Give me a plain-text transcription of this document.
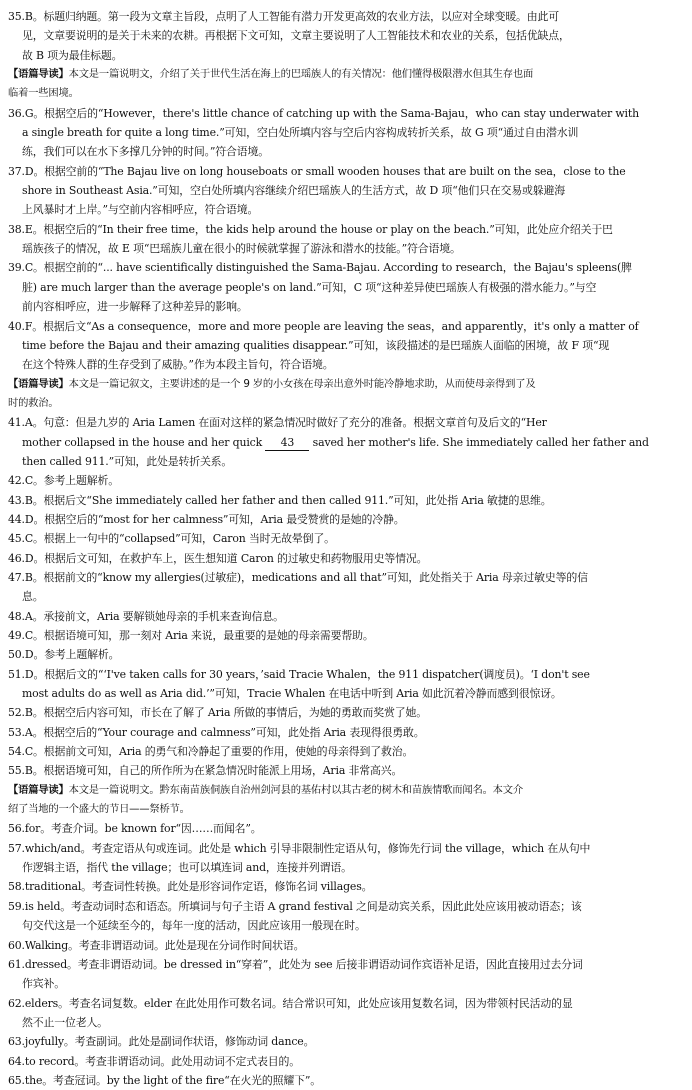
35.B。标题归纳题。第一段为文章主旨段，点明了人工智能有潜力开发更高效的农业方法，以应对全球变暖。由此可
见，文章要说明的是关于未来的农耕。再根据下文可知，文章主要说明了人工智能技术和农业的关系，包括优缺点，
故 B 项为最佳标题。
【语篇导读】本文是一篇说明文，介绍了关于世代生活在海上的巴瑶族人的有关情况：他们懂得极限潜水但其生存也面
临着一些困境。
36.G。根据空后的“However，there's little chance of catching up with the Sama-Bajau，who can stay underwater with
a single breath for quite a long time.”可知，空白处所填内容与空后内容构成转折关系，故 G 项“通过自由潜水训
练，我们可以在水下多撑几分钟的时间。”符合语境。
37.D。根据空前的“The Bajau live on long houseboats or small wooden houses that are built on the sea，close to the
shore in Southeast Asia.”可知，空白处所填内容继续介绍巴瑶族人的生活方式，故 D 项“他们只在交易或躲避海
上风暴时才上岸。”与空前内容相呼应，符合语境。
38.E。根据空后的“In their free time，the kids help around the house or play on the beach.”可知，此处应介绍关于巴
瑶族孩子的情况，故 E 项“巴瑶族儿童在很小的时候就掌握了游泳和潜水的技能。”符合语境。
39.C。根据空前的“... have scientifically distinguished the Sama-Bajau. According to research，the Bajau's spleens(脾
脏) are much larger than the average people's on land.”可知，C 项“这种差异使巴瑶族人有极强的潜水能力。”与空
前内容相呼应，进一步解释了这种差异的影响。
40.F。根据后文“As a consequence，more and more people are leaving the seas，and apparently，it's only a matter of
time before the Bajau and their amazing qualities disappear.”可知，该段描述的是巴瑶族人面临的困境，故 F 项“现
在这个特殊人群的生存受到了威胁。”作为本段主旨句，符合语境。
【语篇导读】本文是一篇记叙文，主要讲述的是一个 9 岁的小女孩在母亲出意外时能冷静地求助，从而使母亲得到了及
时的救治。
41.A。句意：但是九岁的 Aria Lamen 在面对这样的紧急情况时做好了充分的准备。根据文章首句及后文的“Her
mother collapsed in the house and her quick 43 saved her mother's life. She immediately called her father and
then called 911.”可知，此处是转折关系。
42.C。参考上题解析。
43.B。根据后文“She immediately called her father and then called 911.”可知，此处指 Aria 敏捷的思维。
44.D。根据空后的“most for her calmness”可知，Aria 最受赞赏的是她的冷静。
45.C。根据上一句中的“collapsed”可知，Caron 当时无故晕倒了。
46.D。根据后文可知，在救护车上，医生想知道 Caron 的过敏史和药物服用史等情况。
47.B。根据前文的“know my allergies(过敏症)，medications and all that”可知，此处指关于 Aria 母亲过敏史等的信
息。
48.A。承接前文，Aria 要解锁她母亲的手机来查询信息。
49.C。根据语境可知，那一刻对 Aria 来说，最重要的是她的母亲需要帮助。
50.D。参考上题解析。
51.D。根据后文的“‘I've taken calls for 30 years，’said Tracie Whalen，the 911 dispatcher(调度员)。‘I don't see
most adults do as well as Aria did.’”可知，Tracie Whalen 在电话中听到 Aria 如此沉着冷静而感到很惊讶。
52.B。根据空后内容可知，市长在了解了 Aria 所做的事情后，为她的勇敢而奖赏了她。
53.A。根据空后的“Your courage and calmness”可知，此处指 Aria 表现得很勇敢。
54.C。根据前文可知，Aria 的勇气和冷静起了重要的作用，使她的母亲得到了救治。
55.B。根据语境可知，自己的所作所为在紧急情况时能派上用场，Aria 非常高兴。
【语篇导读】本文是一篇说明文。黔东南苗族侗族自治州剑河县的基佑村以其古老的树木和苗族情歌而闻名。本文介
绍了当地的一个盛大的节日——祭桥节。
56.for。考查介词。be known for“因……而闻名”。
57.which/and。考查定语从句或连词。此处是 which 引导非限制性定语从句，修饰先行词 the village，which 在从句中
作逻辑主语，指代 the village；也可以填连词 and，连接并列谓语。
58.traditional。考查词性转换。此处是形容词作定语，修饰名词 villages。
59.is held。考查动词时态和语态。所填词与句子主语 A grand festival 之间是动宾关系，因此此处应该用被动语态；该
句交代这是一个延续至今的，每年一度的活动，因此应该用一般现在时。
60.Walking。考查非谓语动词。此处是现在分词作时间状语。
61.dressed。考查非谓语动词。be dressed in“穿着”，此处为 see 后接非谓语动词作宾语补足语，因此直接用过去分词
作宾补。
62.elders。考查名词复数。elder 在此处用作可数名词。结合常识可知，此处应该用复数名词，因为带领村民活动的显
然不止一位老人。
63.joyfully。考查副词。此处是副词作状语，修饰动词 dance。
64.to record。考查非谓语动词。此处用动词不定式表目的。
65.the。考查冠词。by the light of the fire“在火光的照耀下”。
